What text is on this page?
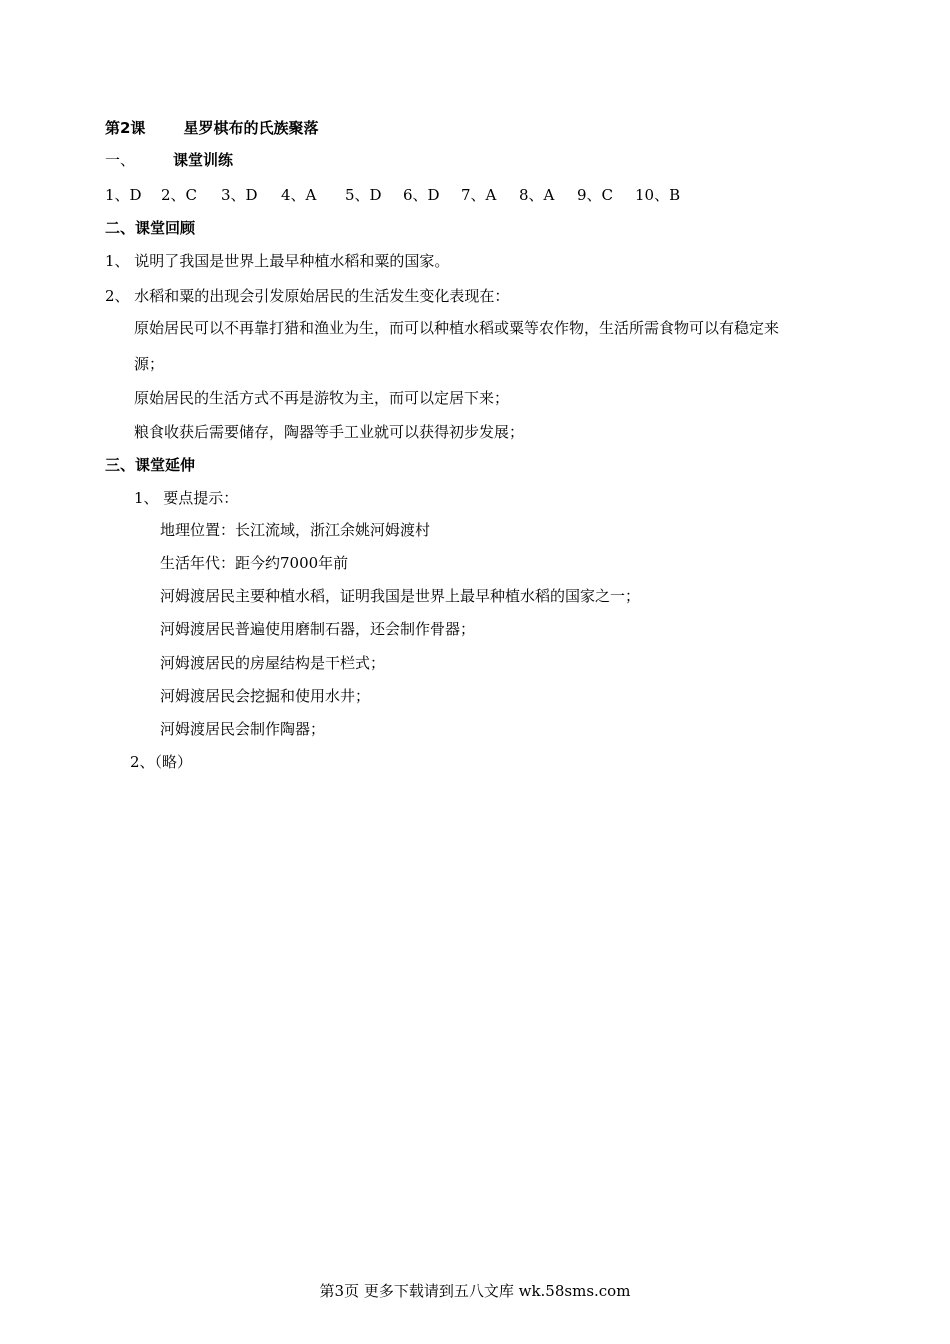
第2课	星罗棋布的氏族聚落
一、	课堂训练
1、D 2、C 3、D 4、A 5、D 6、D 7、A 8、A 9、C 10、B
二、课堂回顾
1、 说明了我国是世界上最早种植水稻和粟的国家。
2、 水稻和粟的出现会引发原始居民的生活发生变化表现在：
原始居民可以不再靠打猎和渔业为生，而可以种植水稻或粟等农作物，生活所需食物可以有稳定来
源；
原始居民的生活方式不再是游牧为主，而可以定居下来；
粮食收获后需要储存，陶器等手工业就可以获得初步发展；
三、课堂延伸
1、 要点提示：
地理位置：长江流域，浙江余姚河姆渡村
生活年代：距今约7000年前
河姆渡居民主要种植水稻，证明我国是世界上最早种植水稻的国家之一；
河姆渡居民普遍使用磨制石器，还会制作骨器；
河姆渡居民的房屋结构是干栏式；
河姆渡居民会挖掘和使用水井；
河姆渡居民会制作陶器；
2、（略）
第3页 更多下载请到五八文库 wk.58sms.com
